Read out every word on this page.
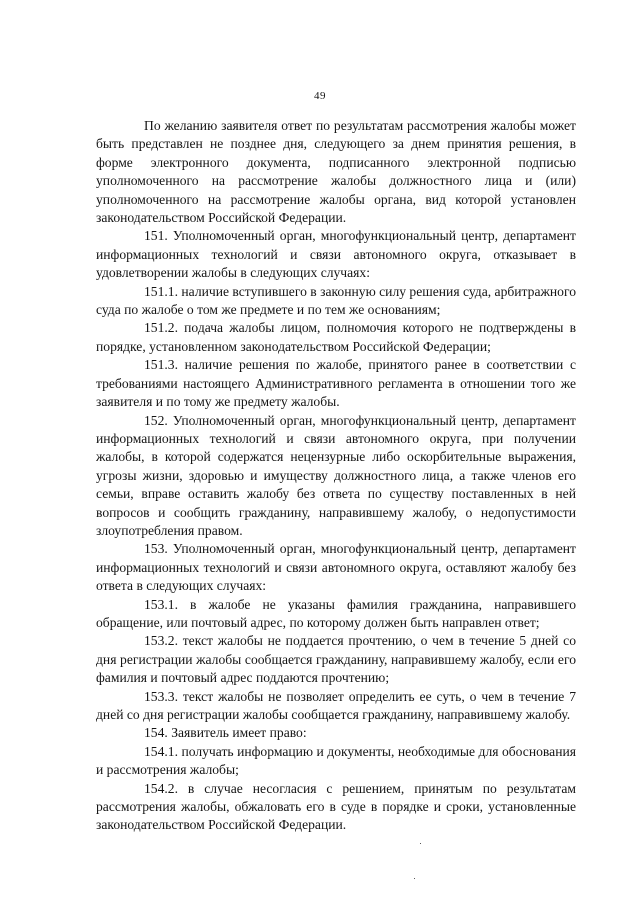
49

По желанию заявителя ответ по результатам рассмотрения жалобы может быть представлен не позднее дня, следующего за днем принятия решения, в форме электронного документа, подписанного электронной подписью уполномоченного на рассмотрение жалобы должностного лица и (или) уполномоченного на рассмотрение жалобы органа, вид которой установлен законодательством Российской Федерации.

151. Уполномоченный орган, многофункциональный центр, департамент информационных технологий и связи автономного округа, отказывает в удовлетворении жалобы в следующих случаях:

151.1. наличие вступившего в законную силу решения суда, арбитражного суда по жалобе о том же предмете и по тем же основаниям;

151.2. подача жалобы лицом, полномочия которого не подтверждены в порядке, установленном законодательством Российской Федерации;

151.3. наличие решения по жалобе, принятого ранее в соответствии с требованиями настоящего Административного регламента в отношении того же заявителя и по тому же предмету жалобы.

152. Уполномоченный орган, многофункциональный центр, департамент информационных технологий и связи автономного округа, при получении жалобы, в которой содержатся нецензурные либо оскорбительные выражения, угрозы жизни, здоровью и имуществу должностного лица, а также членов его семьи, вправе оставить жалобу без ответа по существу поставленных в ней вопросов и сообщить гражданину, направившему жалобу, о недопустимости злоупотребления правом.

153. Уполномоченный орган, многофункциональный центр, департамент информационных технологий и связи автономного округа, оставляют жалобу без ответа в следующих случаях:

153.1. в жалобе не указаны фамилия гражданина, направившего обращение, или почтовый адрес, по которому должен быть направлен ответ;

153.2. текст жалобы не поддается прочтению, о чем в течение 5 дней со дня регистрации жалобы сообщается гражданину, направившему жалобу, если его фамилия и почтовый адрес поддаются прочтению;

153.3. текст жалобы не позволяет определить ее суть, о чем в течение 7 дней со дня регистрации жалобы сообщается гражданину, направившему жалобу.

154. Заявитель имеет право:

154.1. получать информацию и документы, необходимые для обоснования и рассмотрения жалобы;

154.2. в случае несогласия с решением, принятым по результатам рассмотрения жалобы, обжаловать его в суде в порядке и сроки, установленные законодательством Российской Федерации.
